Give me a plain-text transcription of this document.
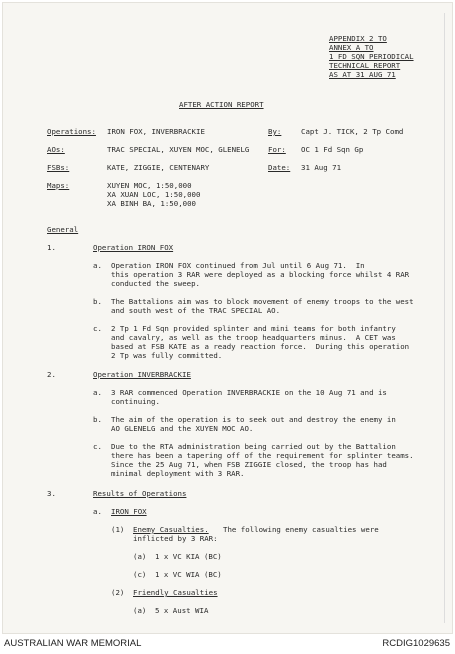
APPENDIX 2 TO
ANNEX A TO
1 FD SQN PERIODICAL
TECHNICAL REPORT
AS AT 31 AUG 71
AFTER ACTION REPORT
Operations: IRON FOX, INVERBRACKIE	By:	Capt J. TICK, 2 Tp Comd
AOs:	TRAC SPECIAL, XUYEN MOC, GLENELG	For: OC 1 Fd Sqn Gp
FSBs:	KATE, ZIGGIE, CENTENARY	Date: 31 Aug 71
Maps:	XUYEN MOC, 1:50,000
XA XUAN LOC, 1:50,000
XA BINH BA, 1:50,000
General
1.	Operation IRON FOX
a. Operation IRON FOX continued from Jul until 6 Aug 71.  In
this operation 3 RAR were deployed as a blocking force whilst 4 RAR
conducted the sweep.
b. The Battalions aim was to block movement of enemy troops to the west
and south west of the TRAC SPECIAL AO.
c. 2 Tp 1 Fd Sqn provided splinter and mini teams for both infantry
and cavalry, as well as the troop headquarters minus.  A CET was
based at FSB KATE as a ready reaction force.  During this operation
2 Tp was fully committed.
2.	Operation INVERBRACKIE
a. 3 RAR commenced Operation INVERBRACKIE on the 10 Aug 71 and is
continuing.
b. The aim of the operation is to seek out and destroy the enemy in
AO GLENELG and the XUYEN MOC AO.
c. Due to the RTA administration being carried out by the Battalion
there has been a tapering off of the requirement for splinter teams.
Since the 25 Aug 71, when FSB ZIGGIE closed, the troop has had
minimal deployment with 3 RAR.
3.	Results of Operations
a. IRON FOX
(1) Enemy Casualties. The following enemy casualties were
inflicted by 3 RAR:
(a) 1 x VC KIA (BC)
(c) 1 x VC WIA (BC)
(2) Friendly Casualties
(a) 5 x Aust WIA
AUSTRALIAN WAR MEMORIAL	RCDIG1029635
